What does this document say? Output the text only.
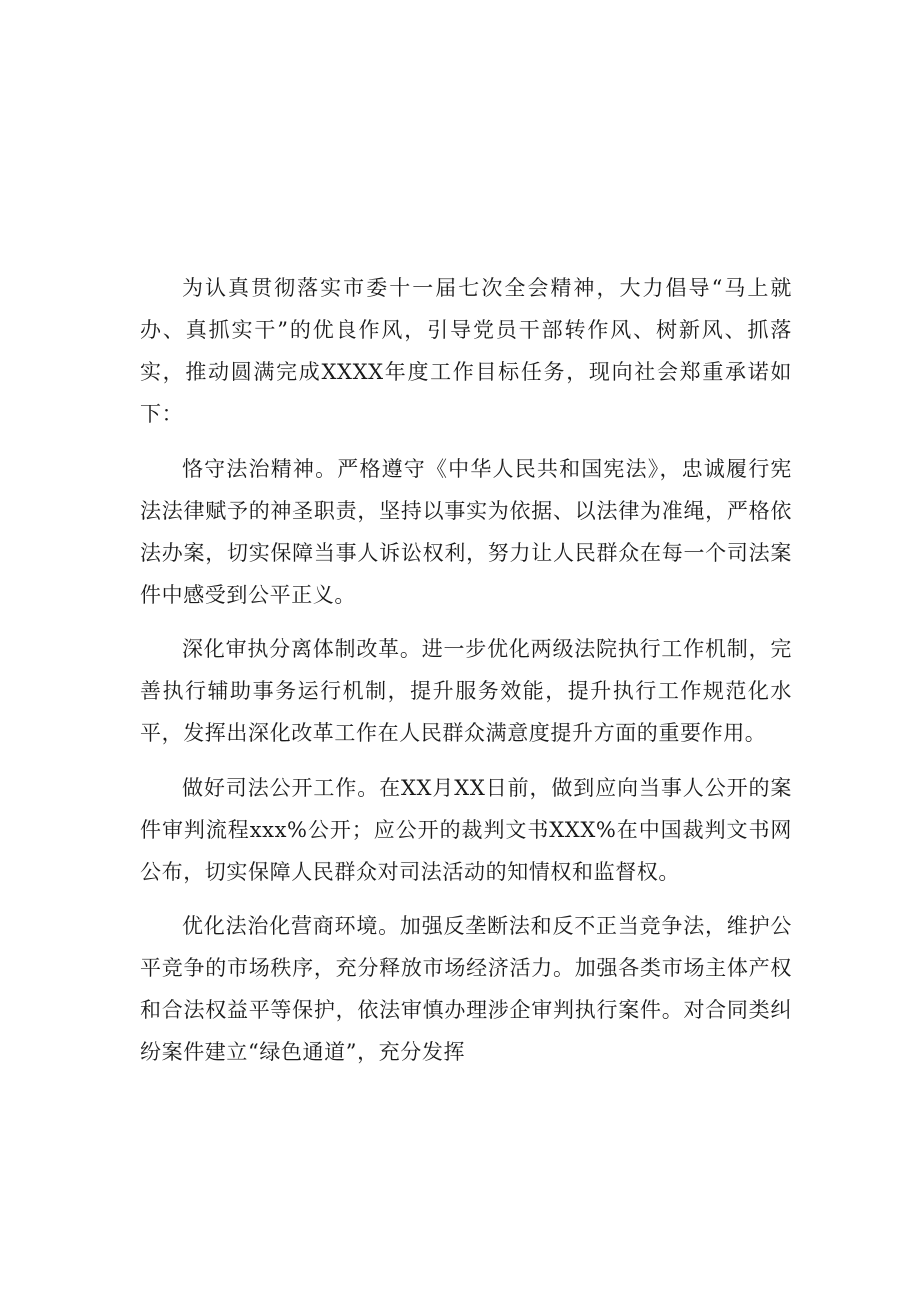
为认真贯彻落实市委十一届七次全会精神，大力倡导“马上就办、真抓实干”的优良作风，引导党员干部转作风、树新风、抓落实，推动圆满完成XXXX年度工作目标任务，现向社会郑重承诺如下：

恪守法治精神。严格遵守《中华人民共和国宪法》，忠诚履行宪法法律赋予的神圣职责，坚持以事实为依据、以法律为准绳，严格依法办案，切实保障当事人诉讼权利，努力让人民群众在每一个司法案件中感受到公平正义。

深化审执分离体制改革。进一步优化两级法院执行工作机制，完善执行辅助事务运行机制，提升服务效能，提升执行工作规范化水平，发挥出深化改革工作在人民群众满意度提升方面的重要作用。

做好司法公开工作。在XX月XX日前，做到应向当事人公开的案件审判流程xxx%公开；应公开的裁判文书XXX%在中国裁判文书网公布，切实保障人民群众对司法活动的知情权和监督权。

优化法治化营商环境。加强反垄断法和反不正当竞争法，维护公平竞争的市场秩序，充分释放市场经济活力。加强各类市场主体产权和合法权益平等保护，依法审慎办理涉企审判执行案件。对合同类纠纷案件建立“绿色通道”，充分发挥
